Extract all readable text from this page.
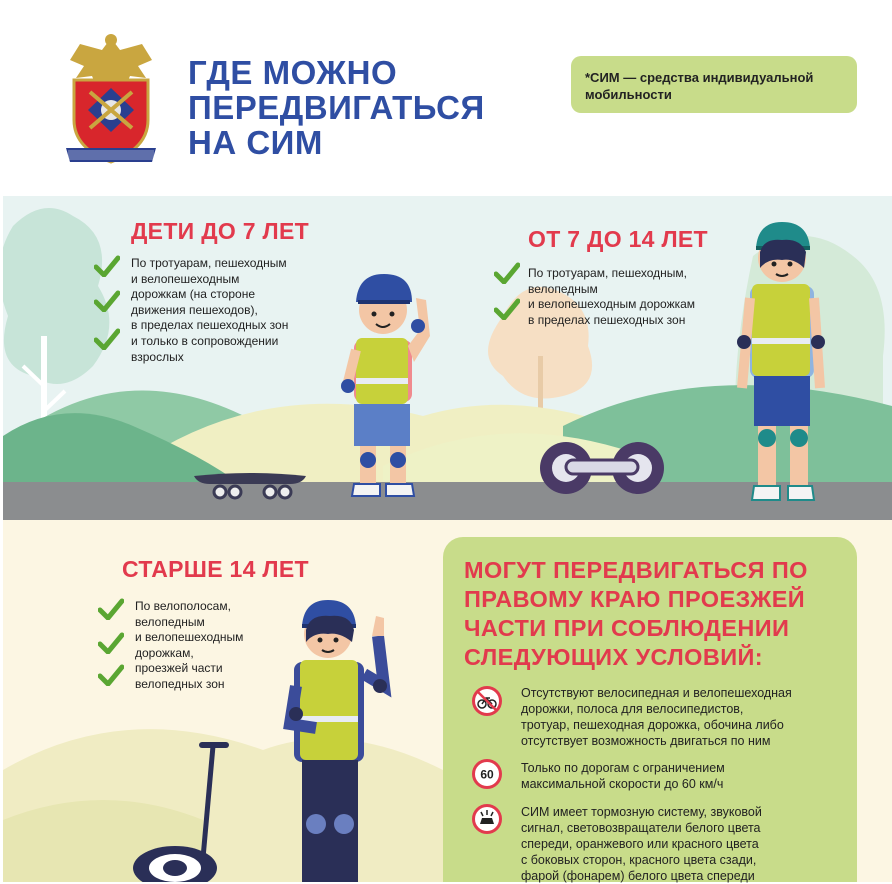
ГДЕ МОЖНО
ПЕРЕДВИГАТЬСЯ
НА СИМ
*СИМ — средства индивидуальной мобильности
ДЕТИ ДО 7 ЛЕТ
По тротуарам, пешеходным
и велопешеходным
дорожкам (на стороне
движения пешеходов),
в пределах пешеходных зон
и только в сопровождении
взрослых
ОТ 7 ДО 14 ЛЕТ
По тротуарам, пешеходным,
велопедным
и велопешеходным дорожкам
в пределах пешеходных зон
СТАРШЕ 14 ЛЕТ
По велополосам,
велопедным
и велопешеходным
дорожкам,
проезжей части
велопедных зон
МОГУТ ПЕРЕДВИГАТЬСЯ ПО
ПРАВОМУ КРАЮ ПРОЕЗЖЕЙ
ЧАСТИ ПРИ СОБЛЮДЕНИИ
СЛЕДУЮЩИХ УСЛОВИЙ:
Отсутствуют велосипедная и велопешеходная
дорожки, полоса для велосипедистов,
тротуар, пешеходная дорожка, обочина либо
отсутствует возможность двигаться по ним
60 Только по дорогам с ограничением
максимальной скорости до 60 км/ч
СИМ имеет тормозную систему, звуковой
сигнал, световозвращатели белого цвета
спереди, оранжевого или красного цвета
с боковых сторон, красного цвета сзади,
фарой (фонарем) белого цвета спереди
